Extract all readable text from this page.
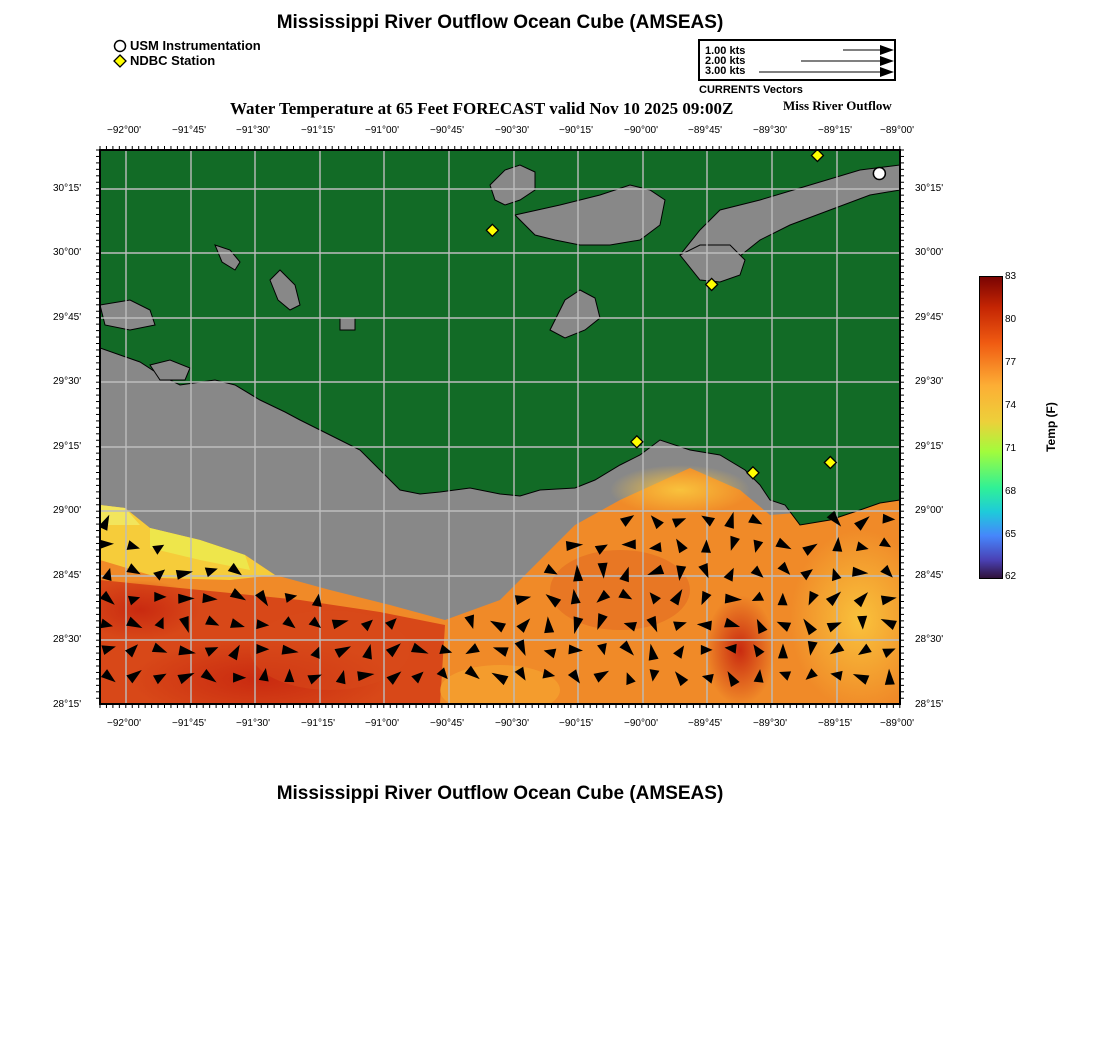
Mississippi River Outflow Ocean Cube (AMSEAS)
Mississippi River Outflow Ocean Cube (AMSEAS)
USM Instrumentation
NDBC Station
1.00 kts
2.00 kts
3.00 kts
CURRENTS Vectors
Water Temperature at 65 Feet FORECAST valid Nov 10 2025 09:00Z	Miss River Outflow
−92°00'	−91°45'	−91°30'	−91°15'	−91°00'	−90°45'	−90°30'	−90°15'	−90°00'	−89°45'	−89°30'	−89°15'	−89°00'
−92°00'	−91°45'	−91°30'	−91°15'	−91°00'	−90°45'	−90°30'	−90°15'	−90°00'	−89°45'	−89°30'	−89°15'	−89°00'
30°15'
30°00'
29°45'
29°30'
29°15'
29°00'
28°45'
28°30'
28°15'
30°15'
30°00'
29°45'
29°30'
29°15'
29°00'
28°45'
28°30'
28°15'
83
80
77
74
71
68
65
62
Temp (F)
